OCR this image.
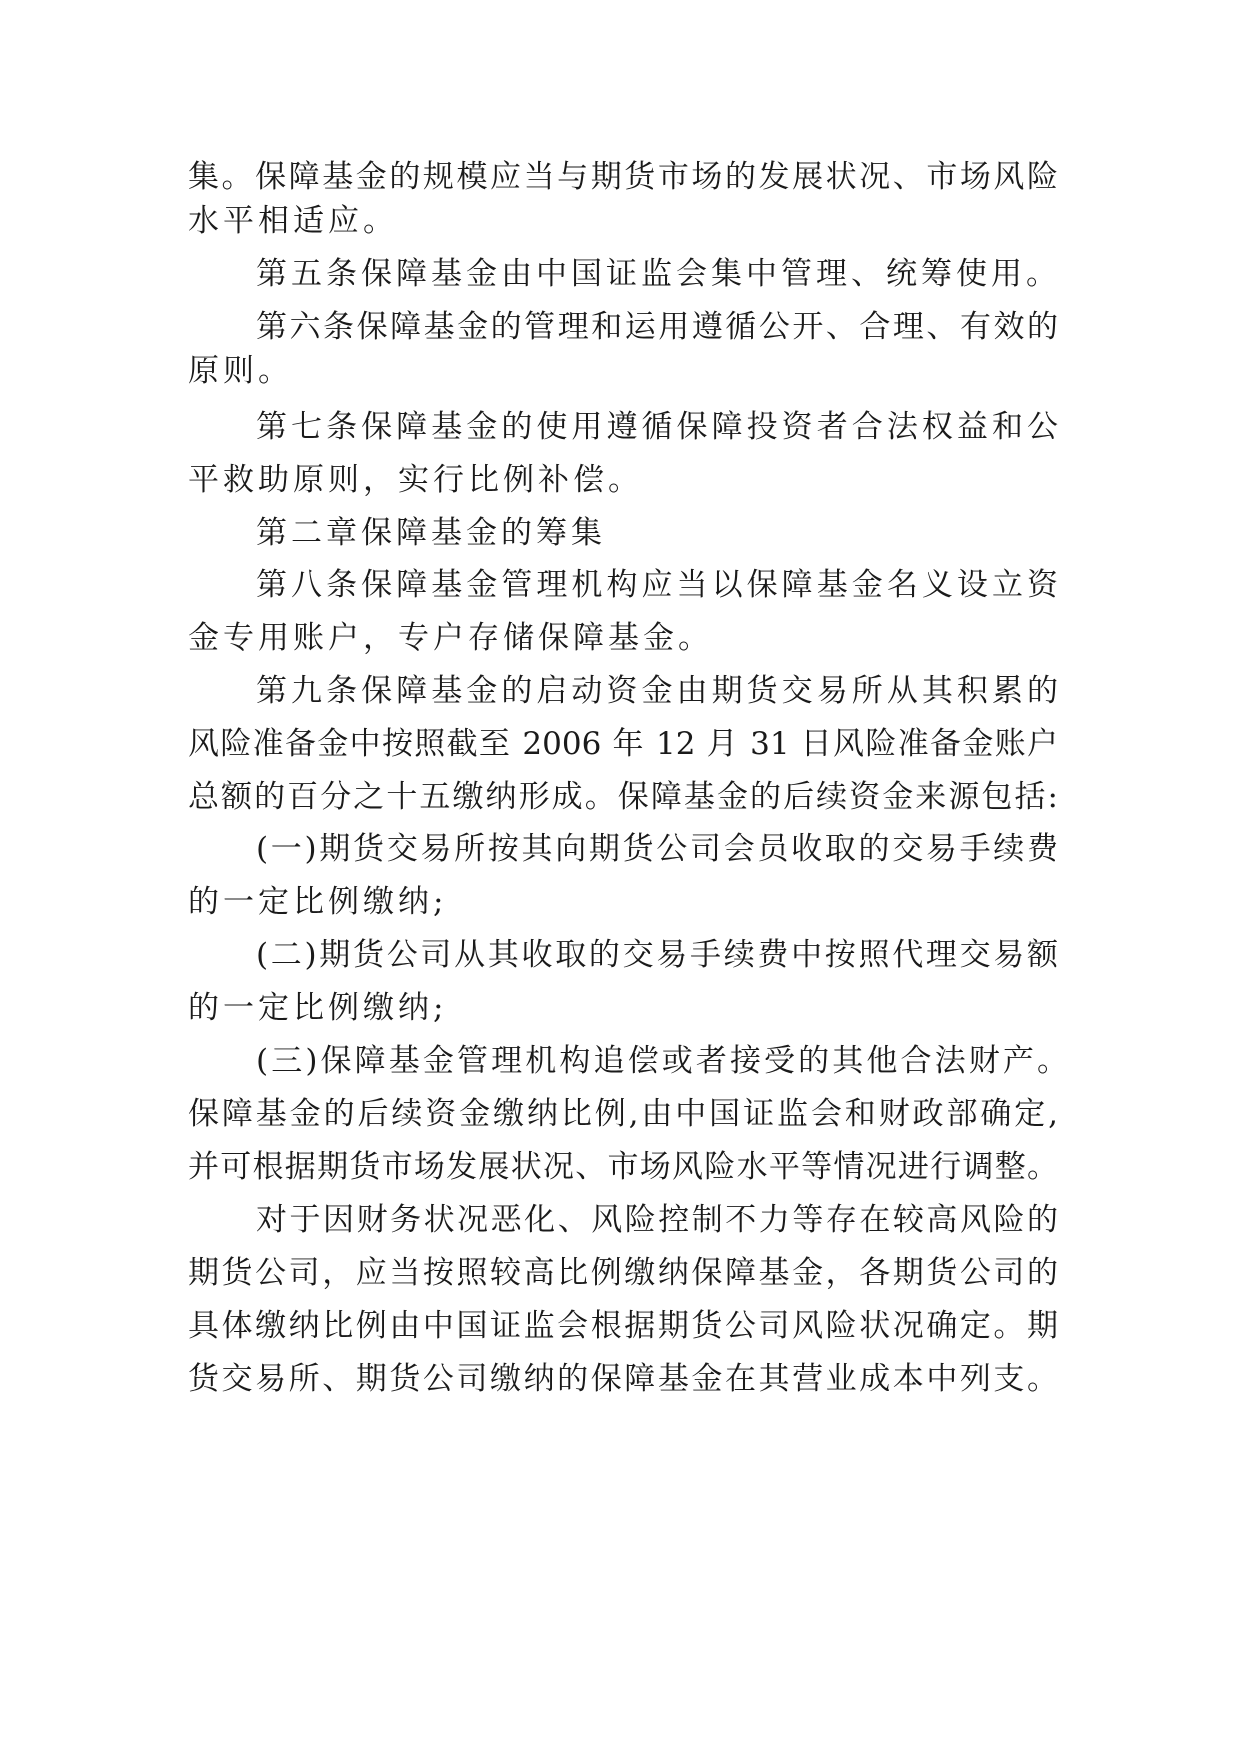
集。保障基金的规模应当与期货市场的发展状况、市场风险
水平相适应。
第五条保障基金由中国证监会集中管理、统筹使用。
第六条保障基金的管理和运用遵循公开、合理、有效的
原则。
第七条保障基金的使用遵循保障投资者合法权益和公
平救助原则，实行比例补偿。
第二章保障基金的筹集
第八条保障基金管理机构应当以保障基金名义设立资
金专用账户，专户存储保障基金。
第九条保障基金的启动资金由期货交易所从其积累的
风险准备金中按照截至 2006 年 12 月 31 日风险准备金账户
总额的百分之十五缴纳形成。保障基金的后续资金来源包括:
(一)期货交易所按其向期货公司会员收取的交易手续费
的一定比例缴纳;
(二)期货公司从其收取的交易手续费中按照代理交易额
的一定比例缴纳;
(三)保障基金管理机构追偿或者接受的其他合法财产。
保障基金的后续资金缴纳比例,由中国证监会和财政部确定,
并可根据期货市场发展状况、市场风险水平等情况进行调整。
对于因财务状况恶化、风险控制不力等存在较高风险的
期货公司，应当按照较高比例缴纳保障基金，各期货公司的
具体缴纳比例由中国证监会根据期货公司风险状况确定。期
货交易所、期货公司缴纳的保障基金在其营业成本中列支。
